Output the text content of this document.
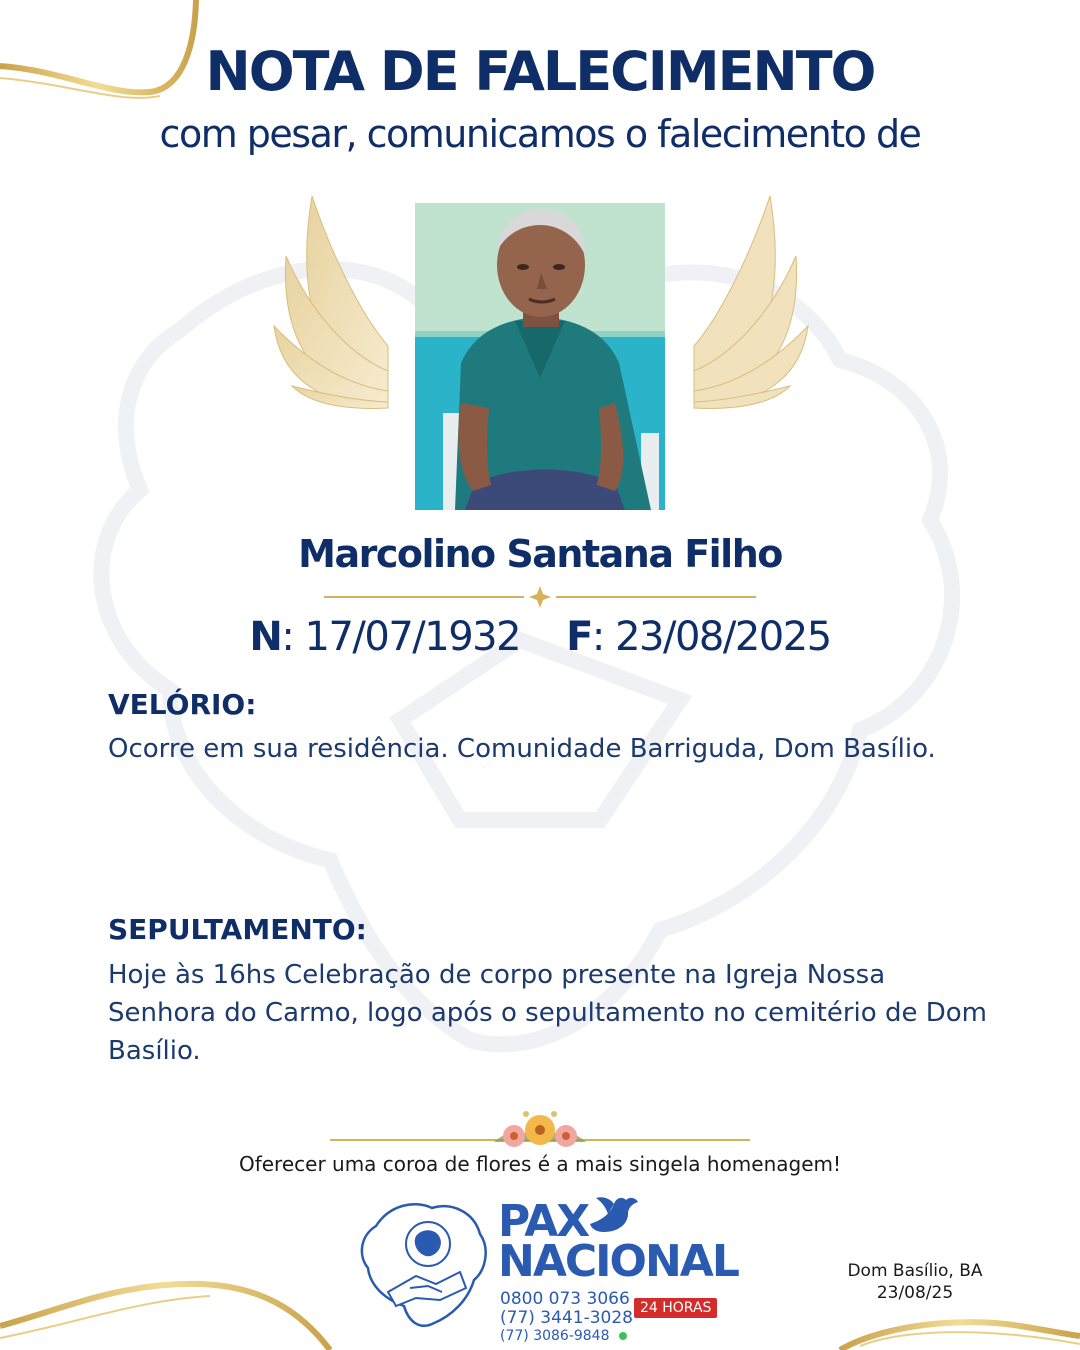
NOTA DE FALECIMENTO

com pesar, comunicamos o falecimento de

Marcolino Santana Filho
N: 17/07/1932 F: 23/08/2025
VELÓRIO:

Ocorre em sua residência. Comunidade Barriguda, Dom Basílio.

SEPULTAMENTO:

Hoje às 16hs Celebração de corpo presente na Igreja Nossa Senhora do Carmo, logo após o sepultamento no cemitério de Dom Basílio.

Oferecer uma coroa de flores é a mais singela homenagem!
PAX
NACIONAL
0800 073 3066
(77) 3441-3028
(77) 3086-9848
24 HORAS
Dom Basílio, BA
23/08/25
